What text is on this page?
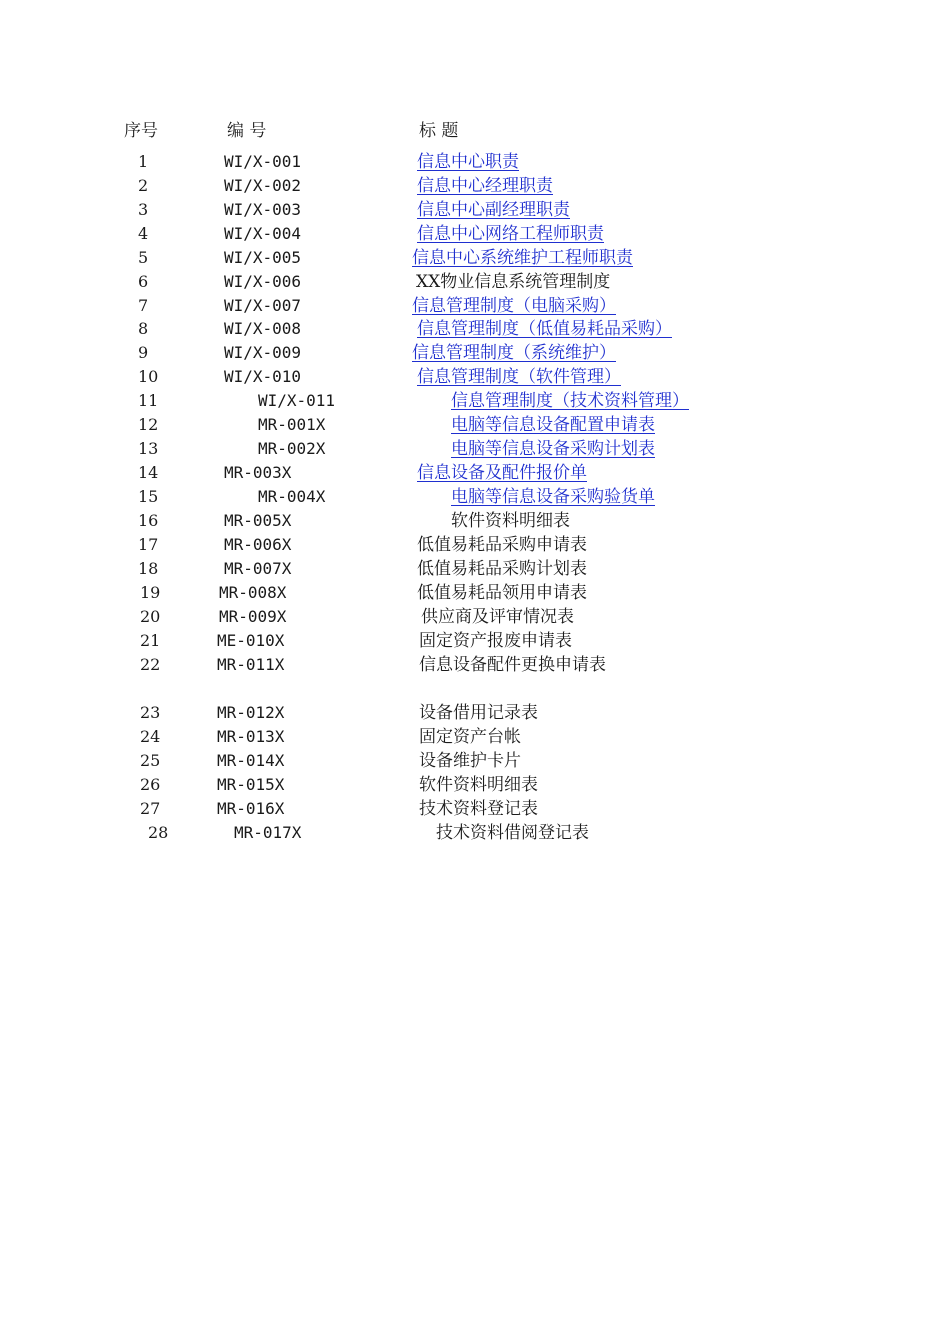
序号	编 号	标 题
1	WI/X-001	信息中心职责
2	WI/X-002	信息中心经理职责
3	WI/X-003	信息中心副经理职责
4	WI/X-004	信息中心网络工程师职责
5	WI/X-005	信息中心系统维护工程师职责
6	WI/X-006	XX物业信息系统管理制度
7	WI/X-007	信息管理制度（电脑采购）
8	WI/X-008	信息管理制度（低值易耗品采购）
9	WI/X-009	信息管理制度（系统维护）
10	WI/X-010	信息管理制度（软件管理）
11	WI/X-011	信息管理制度（技术资料管理）
12	MR-001X	电脑等信息设备配置申请表
13	MR-002X	电脑等信息设备采购计划表
14	MR-003X	信息设备及配件报价单
15	MR-004X	电脑等信息设备采购验货单
16	MR-005X	软件资料明细表
17	MR-006X	低值易耗品采购申请表
18	MR-007X	低值易耗品采购计划表
19	MR-008X	低值易耗品领用申请表
20	MR-009X	供应商及评审情况表
21	ME-010X	固定资产报废申请表
22	MR-011X	信息设备配件更换申请表
23	MR-012X	设备借用记录表
24	MR-013X	固定资产台帐
25	MR-014X	设备维护卡片
26	MR-015X	软件资料明细表
27	MR-016X	技术资料登记表
28	MR-017X	技术资料借阅登记表
